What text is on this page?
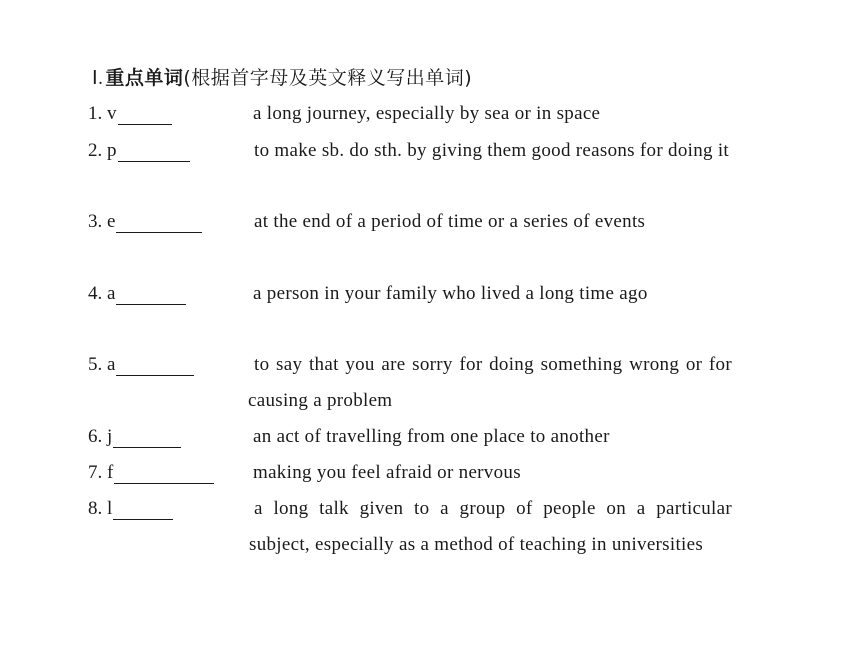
Ⅰ. 重点单词(根据首字母及英文释义写出单词)
1. v	a long journey, especially by sea or in space
2. p	to make sb. do sth. by giving them good reasons for doing it
3. e	at the end of a period of time or a series of events
4. a	a person in your family who lived a long time ago
5. a	to say that you are sorry for doing something wrong or for causing a problem
6. j	an act of travelling from one place to another
7. f	making you feel afraid or nervous
8. l	a long talk given to a group of people on a particular subject, especially as a method of teaching in universities
